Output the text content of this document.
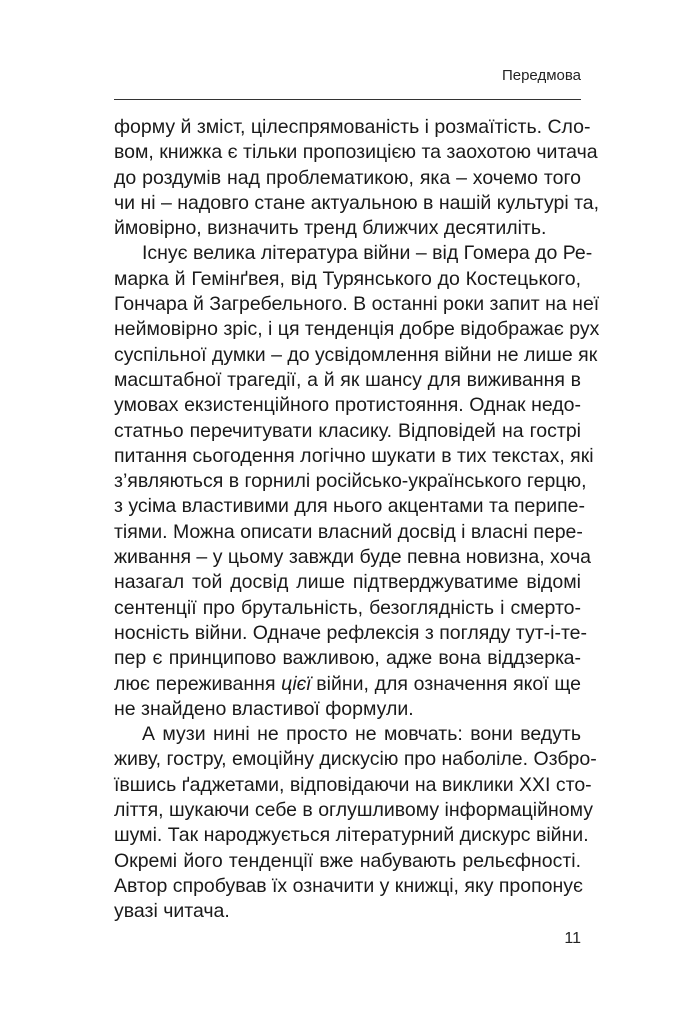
Передмова
форму й зміст, цілеспрямованість і розмаїтість. Сло-
вом, книжка є тільки пропозицією та заохотою читача
до роздумів над проблематикою, яка – хочемо того
чи ні – надовго стане актуальною в нашій культурі та,
ймовірно, визначить тренд ближчих десятиліть.
Існує велика література війни – від Гомера до Ре-
марка й Гемінґвея, від Турянського до Костецького,
Гончара й Загребельного. В останні роки запит на неї
неймовірно зріс, і ця тенденція добре відображає рух
суспільної думки – до усвідомлення війни не лише як
масштабної трагедії, а й як шансу для виживання в
умовах екзистенційного протистояння. Однак недо-
статньо перечитувати класику. Відповідей на гострі
питання сьогодення логічно шукати в тих текстах, які
з’являються в горнилі російсько-українського герцю,
з усіма властивими для нього акцентами та перипе-
тіями. Можна описати власний досвід і власні пере-
живання – у цьому завжди буде певна новизна, хоча
назагал той досвід лише підтверджуватиме відомі
сентенції про брутальність, безоглядність і смерто-
носність війни. Одначе рефлексія з погляду тут-і-те-
пер є принципово важливою, адже вона віддзеркa-
лює переживання цієї війни, для означення якої ще
не знайдено властивої формули.
А музи нині не просто не мовчать: вони ведуть
живу, гостру, емоційну дискусію про наболіле. Озбро-
ївшись ґаджетами, відповідаючи на виклики ХХІ сто-
ліття, шукаючи себе в оглушливому інформаційному
шумі. Так народжується літературний дискурс війни.
Окремі його тенденції вже набувають рельєфності.
Автор спробував їх означити у книжці, яку пропонує
увазі читача.
11
